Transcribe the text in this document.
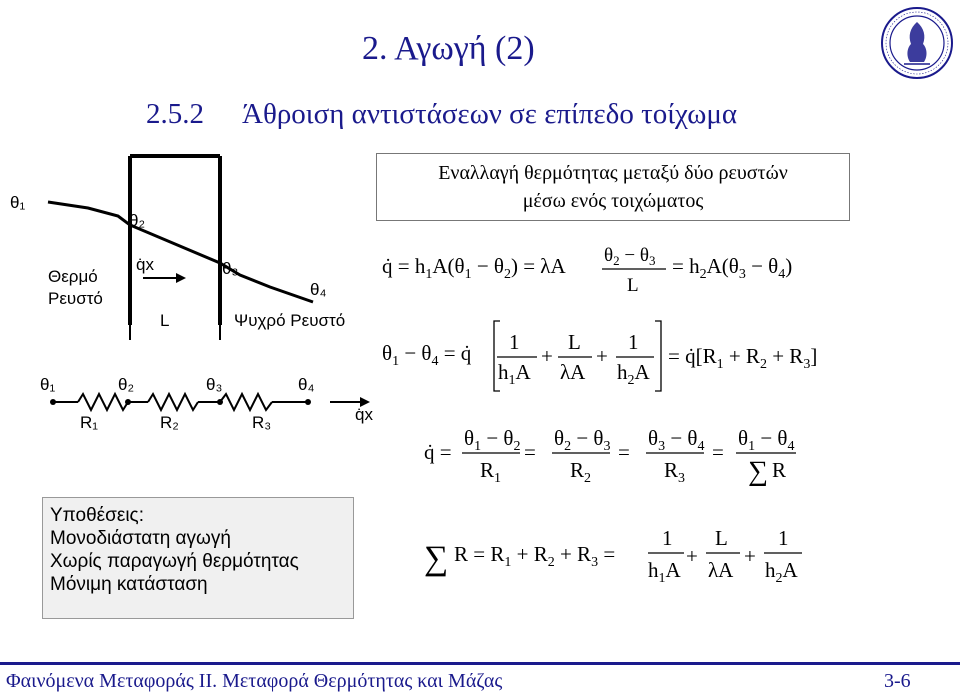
2. Αγωγή (2)
2.5.2 Άθροιση αντιστάσεων σε επίπεδο τοίχωμα
Εναλλαγή θερμότητας μεταξύ δύο ρευστών
μέσω ενός τοιχώματος
θ₁
θ₂
θ₃
θ₄
q̇x
Θερμό
Ρευστό
L	Ψυχρό Ρευστό
θ₁	θ₂	θ₃	θ₄
R₁	R₂	R₃	q̇x
q̇ = $h_1A(\theta_1 - \theta_2) = \lambda A$ $\theta_2 - \theta_3$
L
= $h_2A(\theta_3 - \theta_4)$
$\theta_1 - \theta_4$ = q̇ 1
$h_1A$
+
L
λA
+
1
$h_2A$
= $q̇[R_1 + R_2 + R_3]$
q̇ =
$\theta_1 - \theta_2$
$R_1$
=
$\theta_2 - \theta_3$
$R_2$
=
$\theta_3 - \theta_4$
$R_3$
=
$\theta_1 - \theta_4$
∑ R
∑ $R = R_1 + R_2 + R_3$ =
1
$h_1A$
+
L
λA
+
1
$h_2A$
Υποθέσεις:
Μονοδιάστατη αγωγή
Χωρίς παραγωγή θερμότητας
Μόνιμη κατάσταση
Φαινόμενα Μεταφοράς ΙΙ. Μεταφορά Θερμότητας και Μάζας	3-6
